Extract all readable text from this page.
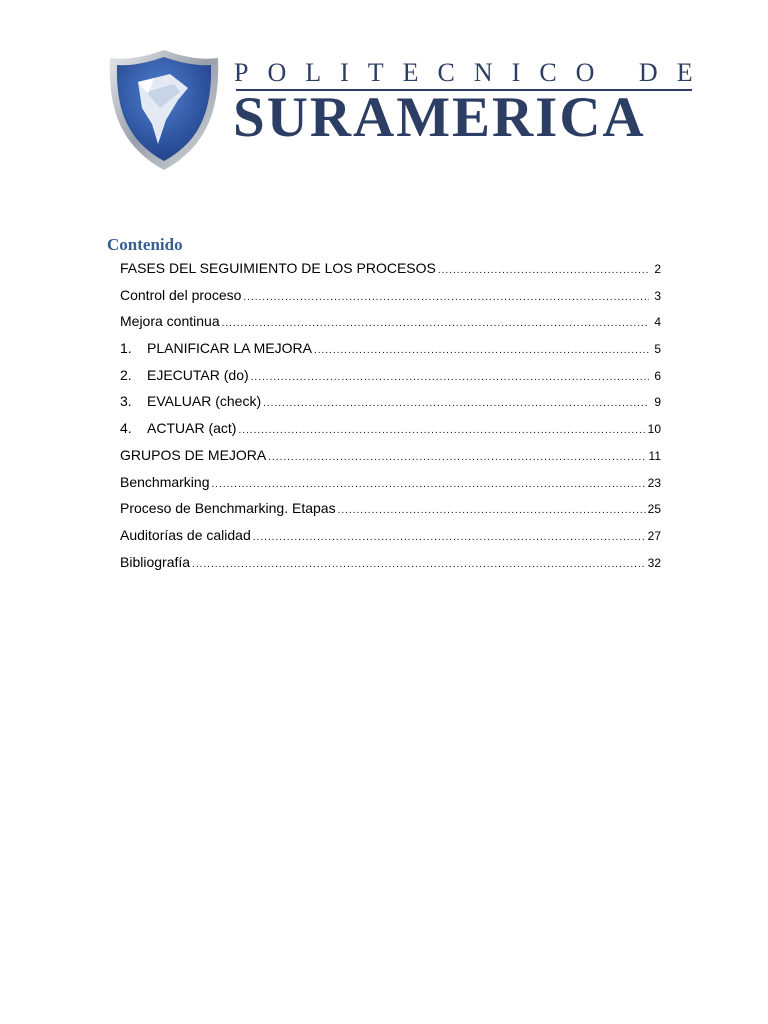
POLITECNICO DE
SURAMERICA
Contenido
FASES DEL SEGUIMIENTO DE LOS PROCESOS .....	2
Control del proceso .....	3
Mejora continua .....	4
1.	PLANIFICAR LA MEJORA .....	5
2.	EJECUTAR (do) .....	6
3.	EVALUAR (check) .....	9
4.	ACTUAR (act) .....	10
GRUPOS DE MEJORA .....	11
Benchmarking .....	23
Proceso de Benchmarking. Etapas .....	25
Auditorías de calidad .....	27
Bibliografía .....	32
